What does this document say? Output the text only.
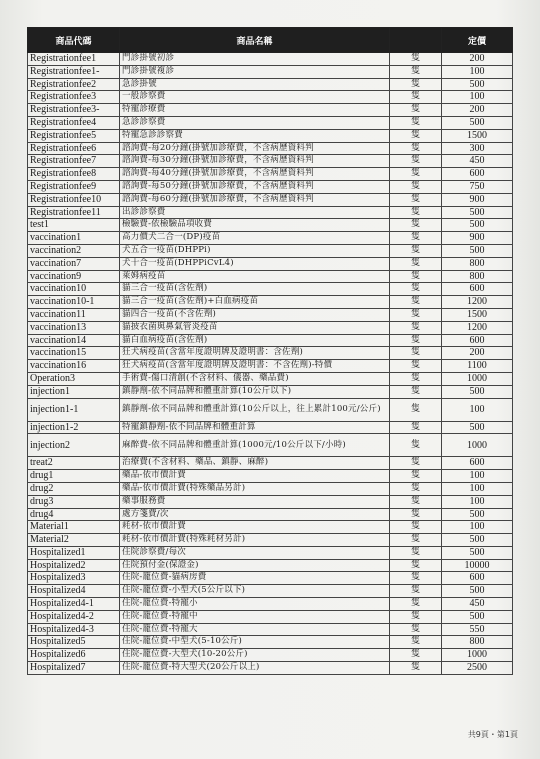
商品代碼	商品名稱		定價
Registrationfee1	門診掛號初診	隻	200
Registrationfee1-	門診掛號複診	隻	100
Registrationfee2	急診掛號	隻	500
Registrationfee3	一般診察費	隻	100
Registrationfee3-	特寵診療費	隻	200
Registrationfee4	急診診察費	隻	500
Registrationfee5	特寵急診診察費	隻	1500
Registrationfee6	諮詢費-每20分鐘(掛號加診療費，不含病歷資料判	隻	300
Registrationfee7	諮詢費-每30分鐘(掛號加診療費，不含病歷資料判	隻	450
Registrationfee8	諮詢費-每40分鐘(掛號加診療費，不含病歷資料判	隻	600
Registrationfee9	諮詢費-每50分鐘(掛號加診療費，不含病歷資料判	隻	750
Registrationfee10	諮詢費-每60分鐘(掛號加診療費，不含病歷資料判	隻	900
Registrationfee11	出診診察費	隻	500
test1	檢驗費-依檢驗品項收費	隻	500
vaccination1	高力價犬二合一(DP)疫苗	隻	900
vaccination2	犬五合一疫苗(DHPPi)	隻	500
vaccination7	犬十合一疫苗(DHPPiCvL4)	隻	800
vaccination9	萊姆病疫苗	隻	800
vaccination10	貓三合一疫苗(含佐劑)	隻	600
vaccination10-1	貓三合一疫苗(含佐劑)+白血病疫苗	隻	1200
vaccination11	貓四合一疫苗(不含佐劑)	隻	1500
vaccination13	貓披衣菌與鼻氣管炎疫苗	隻	1200
vaccination14	貓白血病疫苗(含佐劑)	隻	600
vaccination15	狂犬病疫苗(含當年度證明牌及證明書：含佐劑)	隻	200
vaccination16	狂犬病疫苗(含當年度證明牌及證明書：不含佐劑)-特價	隻	1100
Operation3	手術費-傷口清創(不含材料、儀器、藥品費)	隻	1000
injection1	鎮靜劑-依不同品牌和體重計算(10公斤以下)	隻	500
injection1-1	鎮靜劑-依不同品牌和體重計算(10公斤以上，往上累計100元/公斤)	隻	100
injection1-2	特寵鎮靜劑-依不同品牌和體重計算	隻	500
injection2	麻醉費-依不同品牌和體重計算(1000元/10公斤以下/小時)	隻	1000
treat2	治療費(不含材料、藥品、鎮靜、麻醉)	隻	600
drug1	藥品-依市價計費	隻	100
drug2	藥品-依市價計費(特殊藥品另計)	隻	100
drug3	藥事服務費	隻	100
drug4	處方箋費/次	隻	500
Material1	耗材-依市價計費	隻	100
Material2	耗材-依市價計費(特殊耗材另計)	隻	500
Hospitalized1	住院診察費/每次	隻	500
Hospitalized2	住院預付金(保證金)	隻	10000
Hospitalized3	住院-籠位費-貓病房費	隻	600
Hospitalized4	住院-籠位費-小型犬(5公斤以下)	隻	500
Hospitalized4-1	住院-籠位費-特寵小	隻	450
Hospitalized4-2	住院-籠位費-特寵中	隻	500
Hospitalized4-3	住院-籠位費-特寵大	隻	550
Hospitalized5	住院-籠位費-中型犬(5-10公斤)	隻	800
Hospitalized6	住院-籠位費-大型犬(10-20公斤)	隻	1000
Hospitalized7	住院-籠位費-特大型犬(20公斤以上)	隻	2500
共9頁・第1頁
